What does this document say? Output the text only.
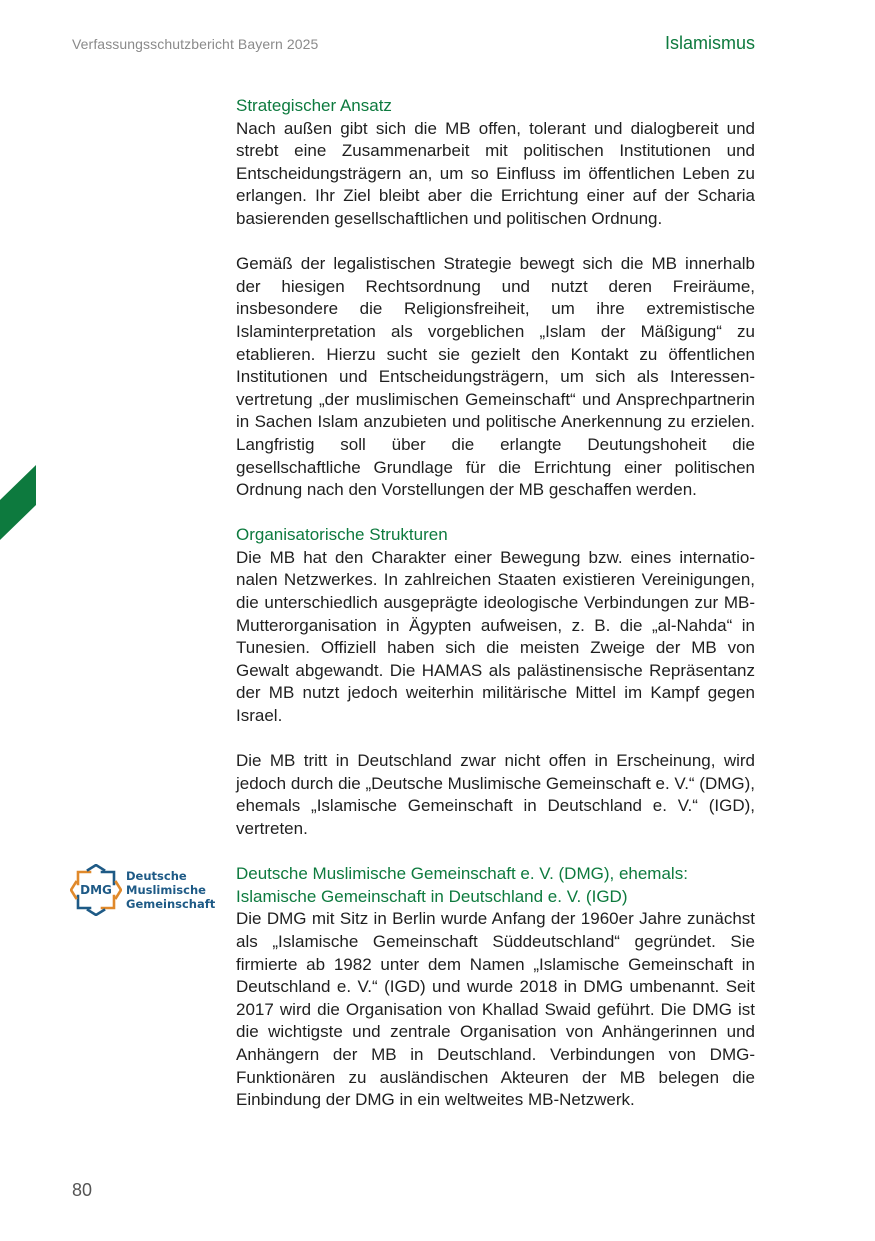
Verfassungsschutzbericht Bayern 2025	Islamismus
Strategischer Ansatz

Nach außen gibt sich die MB offen, tolerant und dialogbereit und strebt eine Zusammenarbeit mit politischen Institutionen und Entscheidungsträgern an, um so Einfluss im öffentlichen Leben zu erlangen. Ihr Ziel bleibt aber die Errichtung einer auf der Scharia basierenden gesellschaftlichen und politischen Ordnung.

Gemäß der legalistischen Strategie bewegt sich die MB innerhalb der hiesigen Rechtsordnung und nutzt deren Freiräume, insbesondere die Religionsfreiheit, um ihre extremistische Islaminterpretation als vorgeblichen „Islam der Mäßigung“ zu etablieren. Hierzu sucht sie gezielt den Kontakt zu öffentlichen Institutionen und Entscheidungsträgern, um sich als Interessenvertretung „der muslimischen Gemeinschaft“ und Ansprechpartnerin in Sachen Islam anzubieten und politische Anerkennung zu erzielen. Langfristig soll über die erlangte Deutungshoheit die gesellschaftliche Grundlage für die Errichtung einer politischen Ordnung nach den Vorstellungen der MB geschaffen werden.

Organisatorische Strukturen

Die MB hat den Charakter einer Bewegung bzw. eines internationalen Netzwerkes. In zahlreichen Staaten existieren Vereinigungen, die unterschiedlich ausgeprägte ideologische Verbindungen zur MB-Mutterorganisation in Ägypten aufweisen, z. B. die „al-Nahda“ in Tunesien. Offiziell haben sich die meisten Zweige der MB von Gewalt abgewandt. Die HAMAS als palästinensische Repräsentanz der MB nutzt jedoch weiterhin militärische Mittel im Kampf gegen Israel.

Die MB tritt in Deutschland zwar nicht offen in Erscheinung, wird jedoch durch die „Deutsche Muslimische Gemeinschaft e. V.“ (DMG), ehemals „Islamische Gemeinschaft in Deutschland e. V.“ (IGD), vertreten.

Deutsche Muslimische Gemeinschaft e. V. (DMG), ehemals:
Islamische Gemeinschaft in Deutschland e. V. (IGD)

Die DMG mit Sitz in Berlin wurde Anfang der 1960er Jahre zunächst als „Islamische Gemeinschaft Süddeutschland“ gegründet. Sie firmierte ab 1982 unter dem Namen „Islamische Gemeinschaft in Deutschland e. V.“ (IGD) und wurde 2018 in DMG umbenannt. Seit 2017 wird die Organisation von Khallad Swaid geführt. Die DMG ist die wichtigste und zentrale Organisation von Anhängerinnen und Anhängern der MB in Deutschland. Verbindungen von DMG-Funktionären zu ausländischen Akteuren der MB belegen die Einbindung der DMG in ein weltweites MB-Netzwerk.

DMG
Deutsche
Muslimische
Gemeinschaft
80
